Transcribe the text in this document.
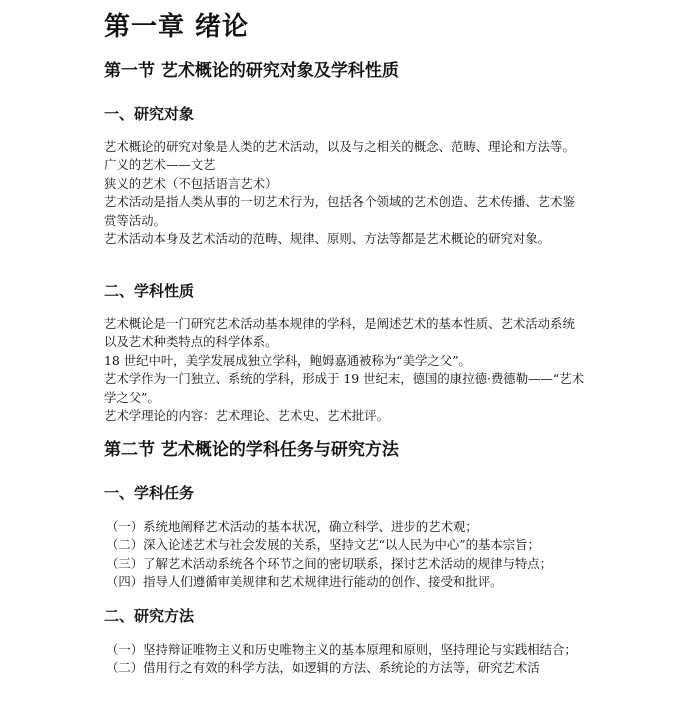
第一章 绪论
第一节 艺术概论的研究对象及学科性质
一、研究对象

艺术概论的研究对象是人类的艺术活动，以及与之相关的概念、范畴、理论和方法等。

广义的艺术——文艺

狭义的艺术（不包括语言艺术）

艺术活动是指人类从事的一切艺术行为，包括各个领域的艺术创造、艺术传播、艺术鉴赏等活动。

艺术活动本身及艺术活动的范畴、规律、原则、方法等都是艺术概论的研究对象。

二、学科性质

艺术概论是一门研究艺术活动基本规律的学科，是阐述艺术的基本性质、艺术活动系统以及艺术种类特点的科学体系。

18 世纪中叶，美学发展成独立学科，鲍姆嘉通被称为“美学之父”。

艺术学作为一门独立、系统的学科，形成于 19 世纪末，德国的康拉德·费德勒——“艺术学之父”。

艺术学理论的内容：艺术理论、艺术史、艺术批评。

第二节 艺术概论的学科任务与研究方法
一、学科任务

（一）系统地阐释艺术活动的基本状况，确立科学、进步的艺术观；

（二）深入论述艺术与社会发展的关系，坚持文艺“以人民为中心”的基本宗旨；

（三）了解艺术活动系统各个环节之间的密切联系，探讨艺术活动的规律与特点；

（四）指导人们遵循审美规律和艺术规律进行能动的创作、接受和批评。

二、研究方法

（一）坚持辩证唯物主义和历史唯物主义的基本原理和原则，坚持理论与实践相结合；

（二）借用行之有效的科学方法，如逻辑的方法、系统论的方法等，研究艺术活
